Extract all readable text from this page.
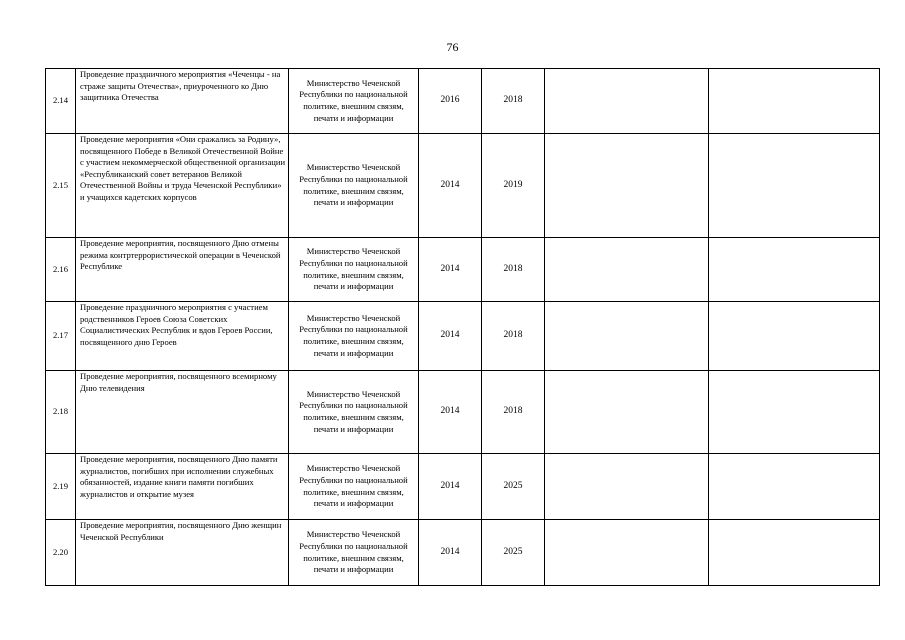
76
2.14	Проведение праздничного мероприятия «Чеченцы - на страже защиты Отечества», приуроченного ко Дню защитника Отечества	Министерство Чеченской Республики по национальной политике, внешним связям, печати и информации	2016	2018		
2.15	Проведение мероприятия «Они сражались за Родину», посвященного Победе в Великой Отечественной Войне с участием некоммерческой общественной организации «Республиканский совет ветеранов Великой Отечественной Войны и труда Чеченской Республики» и учащихся кадетских корпусов	Министерство Чеченской Республики по национальной политике, внешним связям, печати и информации	2014	2019		
2.16	Проведение мероприятия, посвященного Дню отмены режима контртеррористической операции в Чеченской Республике	Министерство Чеченской Республики по национальной политике, внешним связям, печати и информации	2014	2018		
2.17	Проведение праздничного мероприятия с участием родственников Героев Союза Советских Социалистических Республик и вдов Героев России, посвященного дню Героев	Министерство Чеченской Республики по национальной политике, внешним связям, печати и информации	2014	2018		
2.18	Проведение мероприятия, посвященного всемирному Дню телевидения	Министерство Чеченской Республики по национальной политике, внешним связям, печати и информации	2014	2018		
2.19	Проведение мероприятия, посвященного Дню памяти журналистов, погибших при исполнении служебных обязанностей, издание книги памяти погибших журналистов и открытие музея	Министерство Чеченской Республики по национальной политике, внешним связям, печати и информации	2014	2025		
2.20	Проведение мероприятия, посвященного Дню женщин Чеченской Республики	Министерство Чеченской Республики по национальной политике, внешним связям, печати и информации	2014	2025		
